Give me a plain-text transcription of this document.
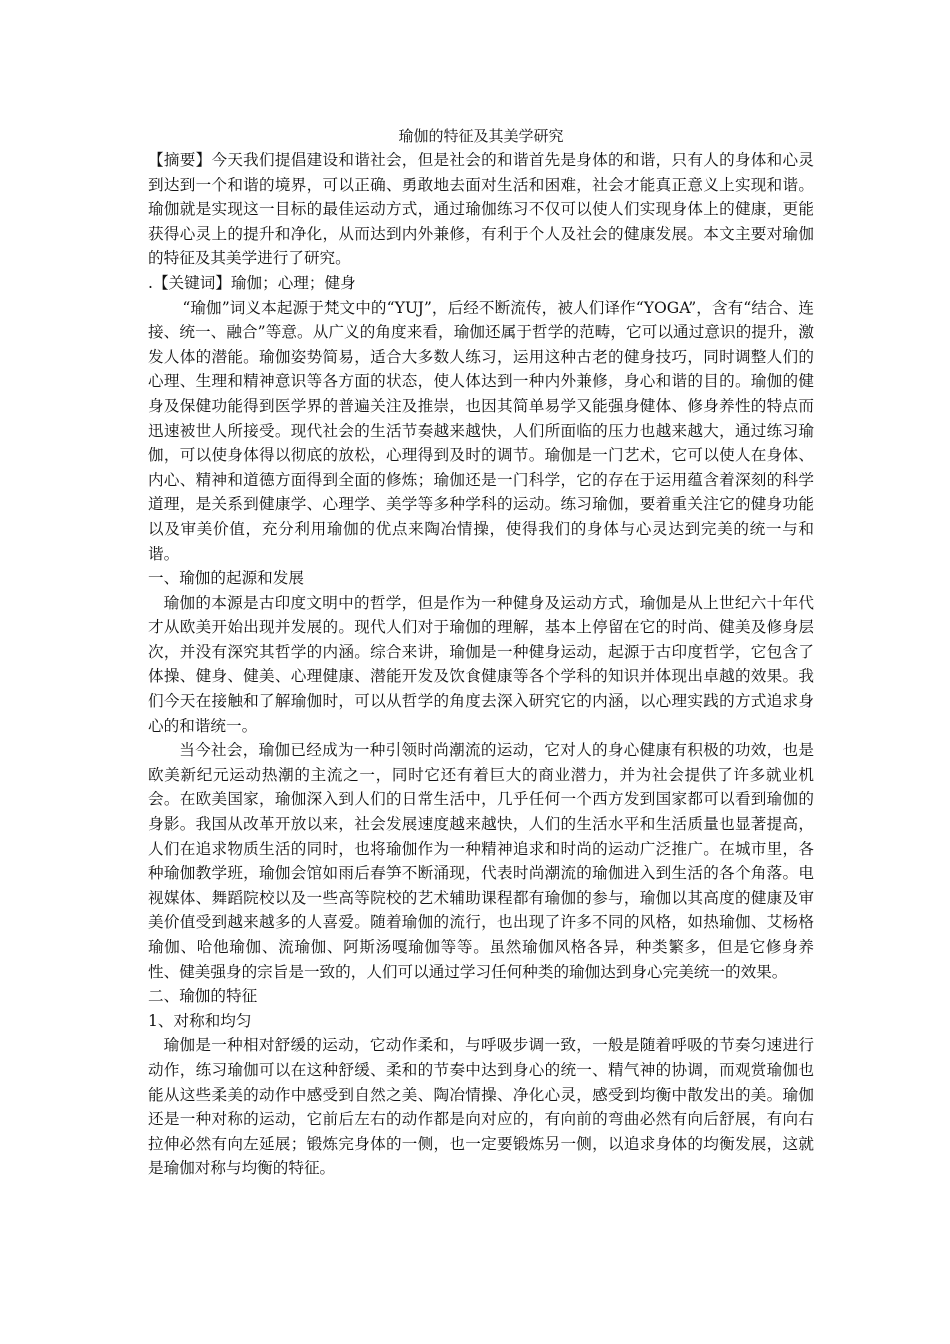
瑜伽的特征及其美学研究

【摘要】今天我们提倡建设和谐社会，但是社会的和谐首先是身体的和谐，只有人的身体和心灵到达到一个和谐的境界，可以正确、勇敢地去面对生活和困难，社会才能真正意义上实现和谐。瑜伽就是实现这一目标的最佳运动方式，通过瑜伽练习不仅可以使人们实现身体上的健康，更能获得心灵上的提升和净化，从而达到内外兼修，有利于个人及社会的健康发展。本文主要对瑜伽的特征及其美学进行了研究。

.【关键词】瑜伽；心理；健身

“瑜伽”词义本起源于梵文中的“YUJ”，后经不断流传，被人们译作“YOGA”，含有“结合、连接、统一、融合”等意。从广义的角度来看，瑜伽还属于哲学的范畴，它可以通过意识的提升，激发人体的潜能。瑜伽姿势简易，适合大多数人练习，运用这种古老的健身技巧，同时调整人们的心理、生理和精神意识等各方面的状态，使人体达到一种内外兼修，身心和谐的目的。瑜伽的健身及保健功能得到医学界的普遍关注及推崇，也因其简单易学又能强身健体、修身养性的特点而迅速被世人所接受。现代社会的生活节奏越来越快，人们所面临的压力也越来越大，通过练习瑜伽，可以使身体得以彻底的放松，心理得到及时的调节。瑜伽是一门艺术，它可以使人在身体、内心、精神和道德方面得到全面的修炼；瑜伽还是一门科学，它的存在于运用蕴含着深刻的科学道理，是关系到健康学、心理学、美学等多种学科的运动。练习瑜伽，要着重关注它的健身功能以及审美价值，充分利用瑜伽的优点来陶冶情操，使得我们的身体与心灵达到完美的统一与和谐。

一、瑜伽的起源和发展

瑜伽的本源是古印度文明中的哲学，但是作为一种健身及运动方式，瑜伽是从上世纪六十年代才从欧美开始出现并发展的。现代人们对于瑜伽的理解，基本上停留在它的时尚、健美及修身层次，并没有深究其哲学的内涵。综合来讲，瑜伽是一种健身运动，起源于古印度哲学，它包含了体操、健身、健美、心理健康、潜能开发及饮食健康等各个学科的知识并体现出卓越的效果。我们今天在接触和了解瑜伽时，可以从哲学的角度去深入研究它的内涵，以心理实践的方式追求身心的和谐统一。

当今社会，瑜伽已经成为一种引领时尚潮流的运动，它对人的身心健康有积极的功效，也是欧美新纪元运动热潮的主流之一，同时它还有着巨大的商业潜力，并为社会提供了许多就业机会。在欧美国家，瑜伽深入到人们的日常生活中，几乎任何一个西方发到国家都可以看到瑜伽的身影。我国从改革开放以来，社会发展速度越来越快，人们的生活水平和生活质量也显著提高，人们在追求物质生活的同时，也将瑜伽作为一种精神追求和时尚的运动广泛推广。在城市里，各种瑜伽教学班，瑜伽会馆如雨后春笋不断涌现，代表时尚潮流的瑜伽进入到生活的各个角落。电视媒体、舞蹈院校以及一些高等院校的艺术辅助课程都有瑜伽的参与，瑜伽以其高度的健康及审美价值受到越来越多的人喜爱。随着瑜伽的流行，也出现了许多不同的风格，如热瑜伽、艾杨格瑜伽、哈他瑜伽、流瑜伽、阿斯汤嘎瑜伽等等。虽然瑜伽风格各异，种类繁多，但是它修身养性、健美强身的宗旨是一致的，人们可以通过学习任何种类的瑜伽达到身心完美统一的效果。

二、瑜伽的特征

1、对称和均匀

瑜伽是一种相对舒缓的运动，它动作柔和，与呼吸步调一致，一般是随着呼吸的节奏匀速进行动作，练习瑜伽可以在这种舒缓、柔和的节奏中达到身心的统一、精气神的协调，而观赏瑜伽也能从这些柔美的动作中感受到自然之美、陶冶情操、净化心灵，感受到均衡中散发出的美。瑜伽还是一种对称的运动，它前后左右的动作都是向对应的，有向前的弯曲必然有向后舒展，有向右拉伸必然有向左延展；锻炼完身体的一侧，也一定要锻炼另一侧，以追求身体的均衡发展，这就是瑜伽对称与均衡的特征。
